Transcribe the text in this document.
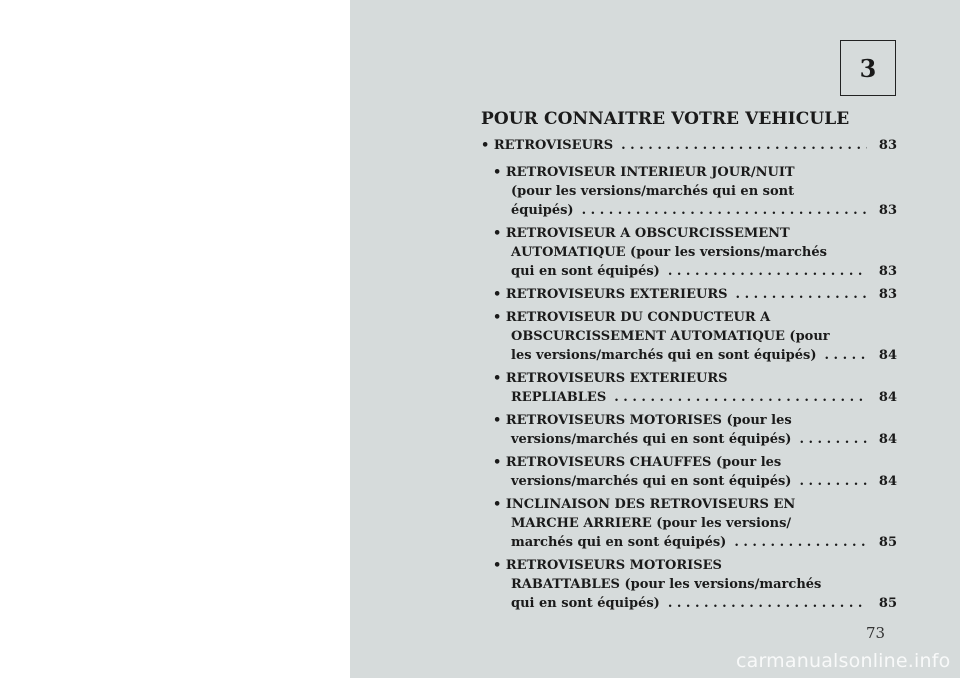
3
POUR CONNAITRE VOTRE VEHICULE
• RETROVISEURS . . .	83
• RETROVISEUR INTERIEUR JOUR/NUIT
(pour les versions/marchés qui en sont
équipés) . . .	83
• RETROVISEUR A OBSCURCISSEMENT
AUTOMATIQUE (pour les versions/marchés
qui en sont équipés) . . .	83
• RETROVISEURS EXTERIEURS . . .	83
• RETROVISEUR DU CONDUCTEUR A
OBSCURCISSEMENT AUTOMATIQUE (pour
les versions/marchés qui en sont équipés) . . .	84
• RETROVISEURS EXTERIEURS
REPLIABLES . . .	84
• RETROVISEURS MOTORISES (pour les
versions/marchés qui en sont équipés) . . .	84
• RETROVISEURS CHAUFFES (pour les
versions/marchés qui en sont équipés) . . .	84
• INCLINAISON DES RETROVISEURS EN
MARCHE ARRIERE (pour les versions/
marchés qui en sont équipés) . . .	85
• RETROVISEURS MOTORISES
RABATTABLES (pour les versions/marchés
qui en sont équipés) . . .	85
73
carmanualsonline.info
